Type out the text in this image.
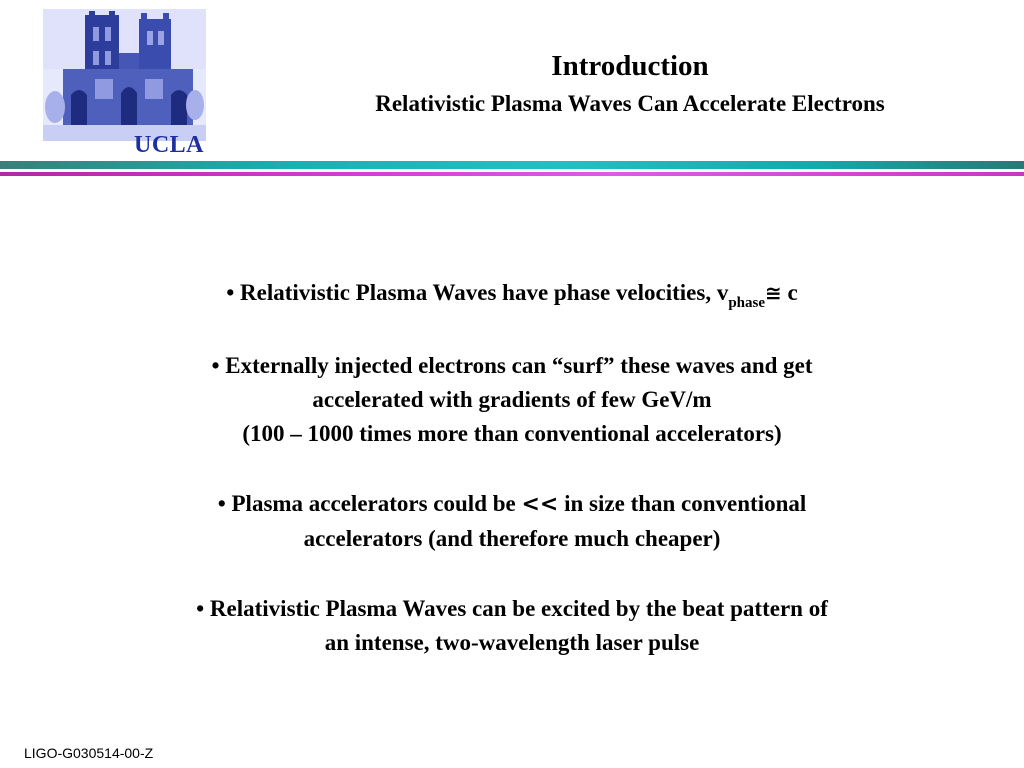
UCLA
Introduction
Relativistic Plasma Waves Can Accelerate Electrons

• Relativistic Plasma Waves have phase velocities, $v_{phase}≅$ c

• Externally injected electrons can “surf” these waves and get
accelerated with gradients of few GeV/m
(100 – 1000 times more than conventional accelerators)

• Plasma accelerators could be << in size than conventional
accelerators (and therefore much cheaper)

• Relativistic Plasma Waves can be excited by the beat pattern of
an intense, two-wavelength laser pulse

LIGO-G030514-00-Z
